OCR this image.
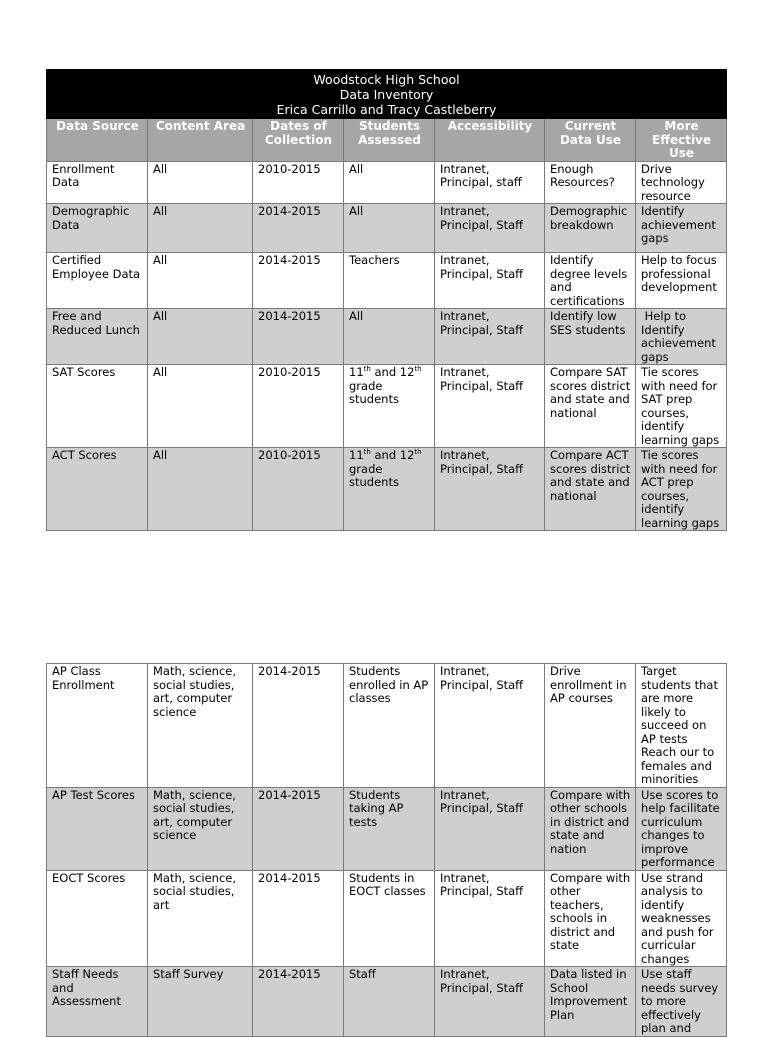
Woodstock High School
Data Inventory
Erica Carrillo and Tracy Castleberry						

Data Source	Content Area	Dates of Collection	Students Assessed	Accessibility	Current Data Use	More Effective Use
Enrollment Data	All	2010-2015	All	Intranet, Principal, staff	Enough Resources?	Drive technology resource
Demographic Data	All	2014-2015	All	Intranet, Principal, Staff	Demographic breakdown	Identify achievement gaps
Certified Employee Data	All	2014-2015	Teachers	Intranet, Principal, Staff	Identify degree levels and certifications	Help to focus professional development
Free and Reduced Lunch	All	2014-2015	All	Intranet, Principal, Staff	Identify low SES students	Help to Identify achievement gaps
SAT Scores	All	2010-2015	11th and 12th grade students	Intranet, Principal, Staff	Compare SAT scores district and state and national	Tie scores with need for SAT prep courses, identify learning gaps
ACT Scores	All	2010-2015	11th and 12th grade students	Intranet, Principal, Staff	Compare ACT scores district and state and national	Tie scores with need for ACT prep courses, identify learning gaps
AP Class Enrollment	Math, science, social studies, art, computer science	2014-2015	Students enrolled in AP classes	Intranet, Principal, Staff	Drive enrollment in AP courses	Target students that are more likely to succeed on AP tests Reach our to females and minorities
AP Test Scores	Math, science, social studies, art, computer science	2014-2015	Students taking AP tests	Intranet, Principal, Staff	Compare with other schools in district and state and nation	Use scores to help facilitate curriculum changes to improve performance
EOCT Scores	Math, science, social studies, art	2014-2015	Students in EOCT classes	Intranet, Principal, Staff	Compare with other teachers, schools in district and state	Use strand analysis to identify weaknesses and push for curricular changes
Staff Needs and Assessment	Staff Survey	2014-2015	Staff	Intranet, Principal, Staff	Data listed in School Improvement Plan	Use staff needs survey to more effectively plan and
